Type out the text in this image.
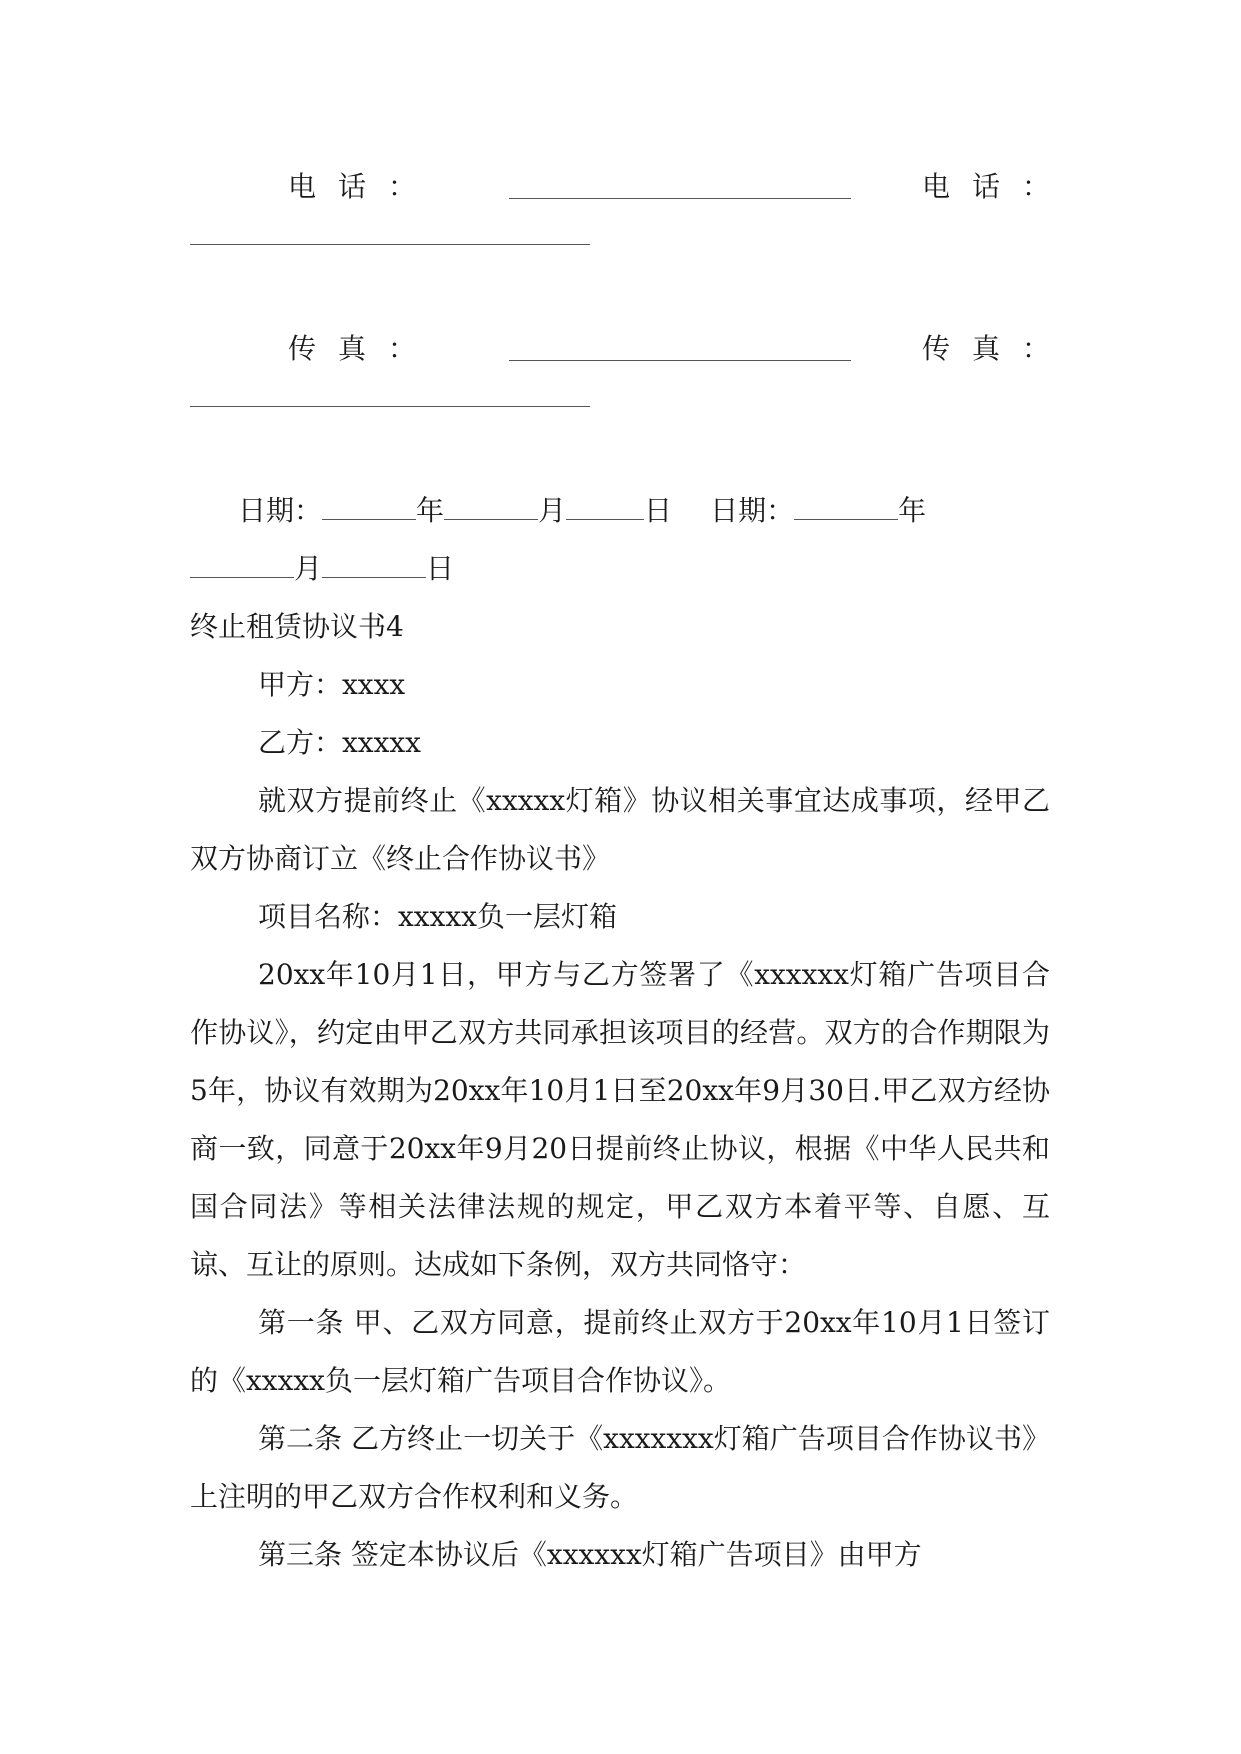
电话：	电话：
传真：	传真：
日期：	年	月	日 日期：	年
月	日
终止租赁协议书4
甲方：xxxx
乙方：xxxxx
就双方提前终止《xxxxx灯箱》协议相关事宜达成事项，经甲乙双方协商订立《终止合作协议书》
项目名称：xxxxx负一层灯箱
20xx年10月1日，甲方与乙方签署了《xxxxxx灯箱广告项目合作协议》，约定由甲乙双方共同承担该项目的经营。双方的合作期限为5年，协议有效期为20xx年10月1日至20xx年9月30日.甲乙双方经协商一致，同意于20xx年9月20日提前终止协议，根据《中华人民共和国合同法》等相关法律法规的规定，甲乙双方本着平等、自愿、互谅、互让的原则。达成如下条例，双方共同恪守：
第一条 甲、乙双方同意，提前终止双方于20xx年10月1日签订的《xxxxx负一层灯箱广告项目合作协议》。
第二条 乙方终止一切关于《xxxxxxx灯箱广告项目合作协议书》上注明的甲乙双方合作权利和义务。
第三条 签定本协议后《xxxxxx灯箱广告项目》由甲方
